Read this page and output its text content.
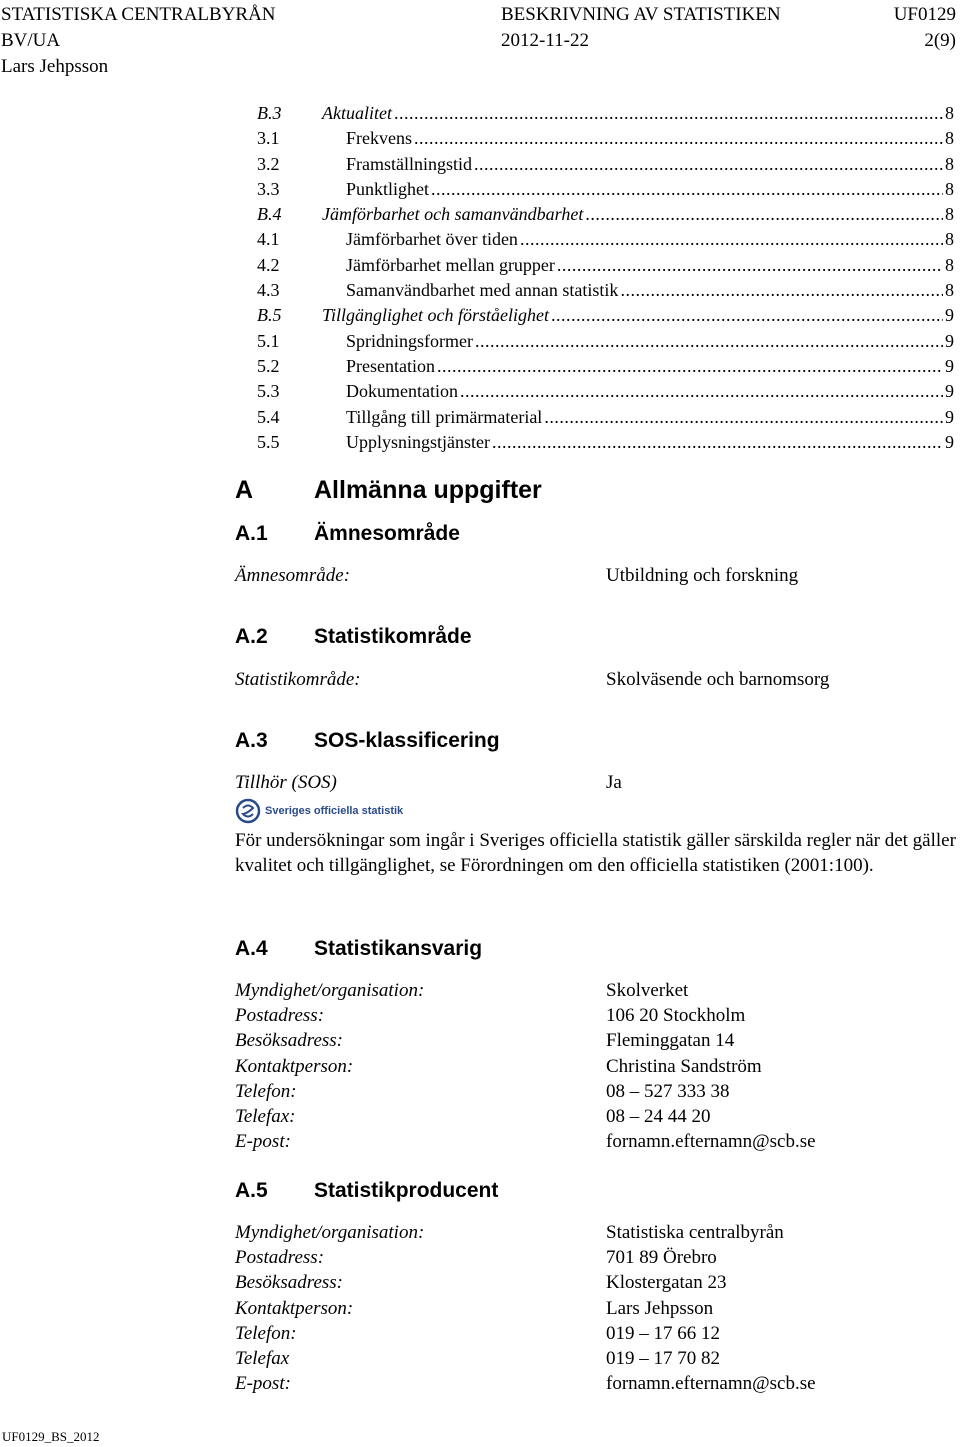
STATISTISKA CENTRALBYRÅN	BESKRIVNING AV STATISTIKEN	UF0129
BV/UA	2012-11-22	2(9)
Lars Jehpsson
B.3	Aktualitet .....	8
3.1	Frekvens .....	8
3.2	Framställningstid .....	8
3.3	Punktlighet .....	8
B.4	Jämförbarhet och samanvändbarhet .....	8
4.1	Jämförbarhet över tiden .....	8
4.2	Jämförbarhet mellan grupper .....	8
4.3	Samanvändbarhet med annan statistik .....	8
B.5	Tillgänglighet och förståelighet .....	9
5.1	Spridningsformer .....	9
5.2	Presentation .....	9
5.3	Dokumentation .....	9
5.4	Tillgång till primärmaterial .....	9
5.5	Upplysningstjänster .....	9
A Allmänna uppgifter
A.1 Ämnesområde
Ämnesområde:	Utbildning och forskning
A.2 Statistikområde
Statistikområde:	Skolväsende och barnomsorg
A.3 SOS-klassificering
Tillhör (SOS)	Ja
Sveriges officiella statistik
För undersökningar som ingår i Sveriges officiella statistik gäller särskilda regler när det gäller kvalitet och tillgänglighet, se Förordningen om den officiella statistiken (2001:100).
A.4 Statistikansvarig
Myndighet/organisation:	Skolverket
Postadress:	106 20 Stockholm
Besöksadress:	Fleminggatan 14
Kontaktperson:	Christina Sandström
Telefon:	08 – 527 333 38
Telefax:	08 – 24 44 20
E-post:	fornamn.efternamn@scb.se
A.5 Statistikproducent
Myndighet/organisation:	Statistiska centralbyrån
Postadress:	701 89 Örebro
Besöksadress:	Klostergatan 23
Kontaktperson:	Lars Jehpsson
Telefon:	019 – 17 66 12
Telefax	019 – 17 70 82
E-post:	fornamn.efternamn@scb.se
UF0129_BS_2012
